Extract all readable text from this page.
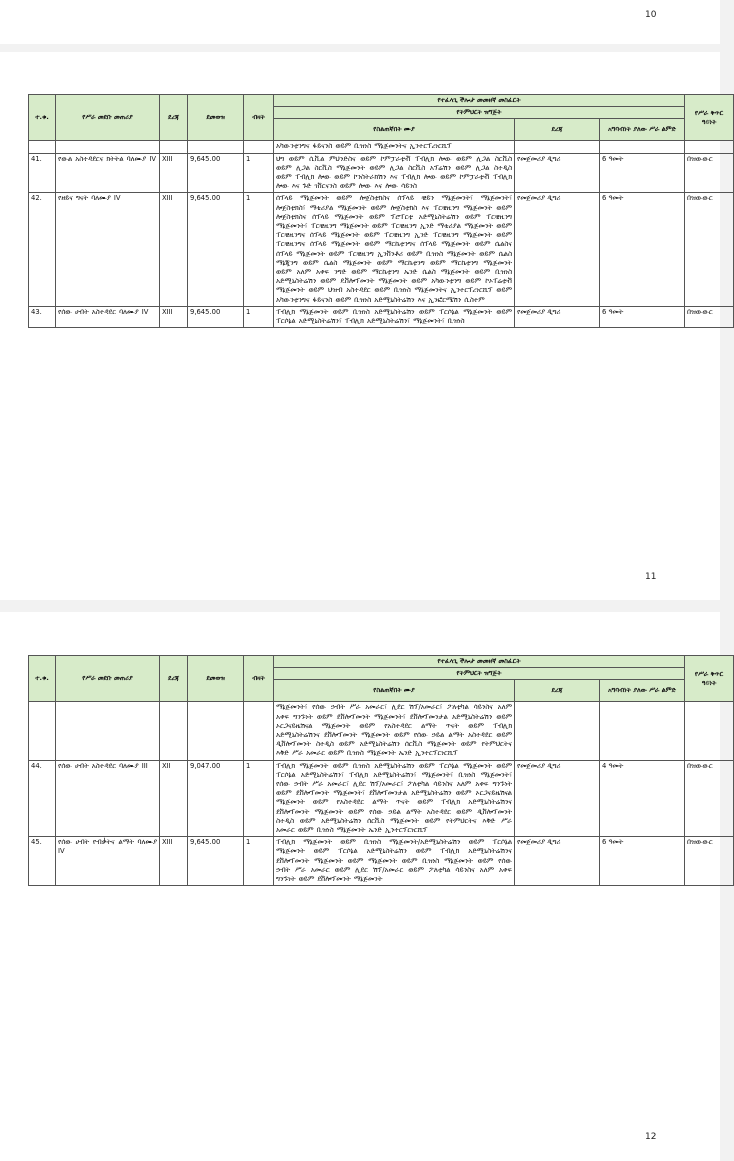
10
ተ.ቁ.	የሥራ መደቡ መጠሪያ	ደረጃ	ደመወዝ	ብዛት	የተፈላጊ ችሎታ መመዘኛ መስፈርት			የሥራ ቅጥር ዓይነት
					የትምህርት ዝግጅት			
					የስልጠኛበት ሙያ	ደረጃ	አግባብነት ያለው ሥራ ልምድ	
					አካውንቲንግና ፋይናንስ ወይም ቢዝነስ ማኔጅመንትና ኢንተርፕረነርሺፕ			
41.	የውል አስተዳደርና ክትትል ባለሙያ IV	XIII	9,645.00	1	ህግ ወይም ሲቪል ምህንድስና ወይም ኮምፓራቲቭ ፐብሊክ ሎው ወይም ሊጋል ስርቪስ ወይም ሊጋል ስርቪስ ማኔጅመንት ወይም ሊጋል ስርቪስ አፕሬሽን ወይም ሊጋል ስተዲስ ወይም ፐብሊክ ሎው ወይም ኮንስትራክሽን እና ፐብሊክ ሎው ወይም ኮምፓራቲቭ ፐብሊክ ሎው እና ጉድ ገቨርናንስ ወይም ሎው እና ሎው ሳይንስ	የመጀመሪያ ዲግሪ	6 ዓመት	በዝውውር
42.	የዘይና ግናት ባለሙያ IV	XIII	9,645.00	1	ሰፕላይ ማኔጅመንት ወይም ሎጀስቲክስና ሰፕላይ ቼይን ማኔጅመንት፣ ማኔጅመንት፣ ሎጀስቲክስ፣ ማቴሪያል ማኔጅመንት ወይም ሎጀስቲክስ እና ፐርቼዚንግ ማኔጅመንት ወይም ሎጀስቲክስና ሰፕላይ ማኔጅመንት ወይም ፕሮፐርቲ አድሚኒስትሬሽን ወይም ፐርቼዚንግ ማኔጅመንት፣ ፐርቼዚንግ ማኔጅመንት ወይም ፐርቼዚንግ ኢንድ ማቴሪያል ማኔጅመንት ወይም ፐርቼዚንግና ሰፕላይ ማኔጅመንት ወይም ፐርቼዚንግ ኢንድ ፐርቼዚንግ ማኔጅመንት ወይም ፐርቼዚንግና ሰፕላይ ማኔጅመንት ወይም ማርኬቲንግና ሰፕላይ ማኔጅመንት ወይም ሴልስና ሰፕላይ ማኔጅመንት ወይም ፐርቼዚንግ ኢንቨንቶሪ ወይም ቢዝነስ ማኔጅመንት ወይም ሴልስ ማኔጂንግ ወይም ሴልስ ማኔጅመንት ወይም ማርኬቲንግ ወይም ማርኬቲንግ ማኔጅመንት ወይም አለም አቀፍ ንግድ ወይም ማርኬቲንግ ኤንድ ሴልስ ማኔጅመንት ወይም ቢዝነስ አድሚኒስትሬሽን ወይም ዴቨሎፕመንት ማኔጅመንት ወይም አካውንቲንግ ወይም ኮኦፐሬቲቭ ማኔጅመንት ወይም ህዝብ አስተዳደር ወይም ቢዝነስ ማኔጅመንትና ኢንተርፕረነርሺፕ ወይም አካውንቲንግና ፋይናንስ ወይም ቢዝነስ አድሚኒስትሬሽን እና ኢንፎርሜሽን ሲስተም	የመጀመሪያ ዲግሪ	6 ዓመት	በዝውውር
43.	የሰው ሀብት አስተዳደር ባለሙያ IV	XIII	9,645.00	1	ፐብሊክ ማኔጅመንት ወይም ቢዝነስ አድሚኒስትሬሽን ወይም ፐርሶኔል ማኔጅመንት ወይም ፐርሶኔል አድሚኒስትሬሽን፣ ፐብሊክ አድሚኒስትሬሽን፣ ማኔጅመንት፣ ቢዝነስ	የመጀመሪያ ዲግሪ	6 ዓመት	በዝውውር
11
ተ.ቁ.	የሥራ መደቡ መጠሪያ	ደረጃ	ደመወዝ	ብዛት	የተፈላጊ ችሎታ መመዘኛ መስፈርት			የሥራ ቅጥር ዓይነት
					የትምህርት ዝግጅት			
					የስልጠኛበት ሙያ	ደረጃ	አግባብነት ያለው ሥራ ልምድ	
					ማኔጅመንት፣ የሰው ኃብት ሥራ አመራር፣ ሊደር ሽፕ/አመራር፣ ፖለቲካል ሳይንስና አለም አቀፍ ግንኙነት ወይም ደቨሎፕመንት ማኔጅመንት፣ ደቨሎፕመንታል አድሚኒስትሬሽን ወይም ኦርጋናይዜሽናል ማኔጅመንት ወይም የአስተዳደር ልማት ጥናት ወይም ፐብሊክ አድሚኒስትሬሽንና ደቨሎፕመንት ማኔጅመንት ወይም የሰው ኃይል ልማት አስተዳደር ወይም ዲቨሎፕመንት ስተዲስ ወይም አድሚኒስትሬሽን ሰርቪስ ማኔጅመንት ወይም የትምህርትና እቅድ ሥራ አመራር ወይም ቢዝነስ ማኔጅመንት ኤንድ ኢንተርፕርነርሺፕ			
44.	የሰው ሀብት አስተዳደር ባለሙያ III	XII	9,047.00	1	ፐብሊክ ማኔጅመንት ወይም ቢዝነስ አድሚኒስትሬሽን ወይም ፐርሶኔል ማኔጅመንት ወይም ፐርሶኔል አድሚኒስትሬሽን፣ ፐብሊክ አድሚኒስትሬሽን፣ ማኔጅመንት፣ ቢዝነስ ማኔጅመንት፣ የሰው ኃብት ሥራ አመራር፣ ሊደር ሽፕ/አመራር፣ ፖለቲካል ሳይንስና አለም አቀፍ ግንኙነት ወይም ደቨሎፕመንት ማኔጅመንት፣ ደቨሎፕመንታል አድሚኒስትሬሽን ወይም ኦርጋናይዜሽናል ማኔጅመንት ወይም የአስተዳደር ልማት ጥናት ወይም ፐብሊክ አድሚኒስትሬሽንና ደቨሎፕመንት ማኔጅመንት ወይም የሰው ኃይል ልማት አስተዳደር ወይም ዲቨሎፕመንት ስተዲስ ወይም አድሚኒስትሬሽን ሰርቪስ ማኔጅመንት ወይም የትምህርትና እቅድ ሥራ አመራር ወይም ቢዝነስ ማኔጅመንት ኤንድ ኢንተርፕርነርሺፕ	የመጀመሪያ ዲግሪ	4 ዓመት	በዝውውር
45.	የሰው ሀብት የብቃትና ልማት ባለሙያ IV	XIII	9,645.00	1	ፐብሊክ ማኔጅመንት ወይም ቢዝነስ ማኔጅመንት/አድሚኒስትሬሽን ወይም ፐርሶኔል ማኔጅመንት ወይም ፐርሶኔል አድሚኒስትሬሽን ወይም ፐብሊክ አድሚኒስትሬሽንና ደቨሎፕመንት ማኔጅመንት ወይም ማኔጅመንት ወይም ቢዝነስ ማኔጅመንት ወይም የሰው ኃብት ሥራ አመራር ወይም ሊደር ሽፕ/አመራር ወይም ፖለቲካል ሳይንስና አለም አቀፍ ግንኙነት ወይም ደቨሎፕመንት ማኔጅመንት	የመጀመሪያ ዲግሪ	6 ዓመት	በዝውውር
12
